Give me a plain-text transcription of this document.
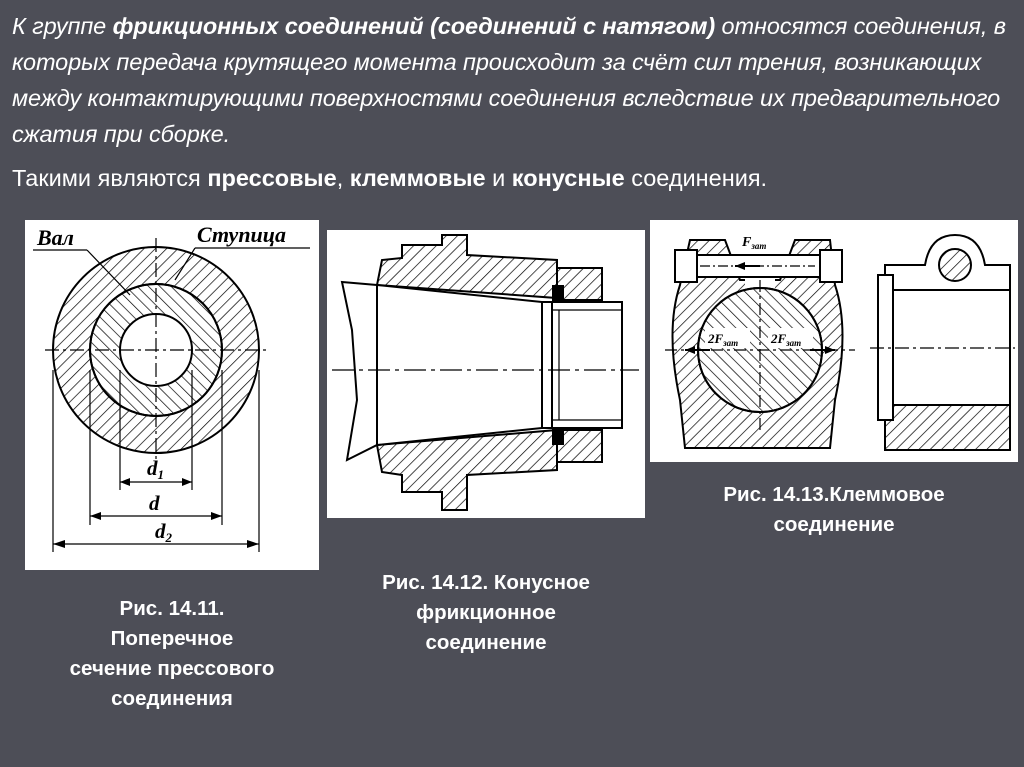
К группе фрикционных соединений (соединений с натягом) относятся соединения, в которых передача крутящего момента происходит за счёт сил трения, возникающих между контактирующими поверхностями соединения вследствие их предварительного сжатия при сборке.
Такими являются прессовые, клеммовые и конусные соединения.
Вал	Ступица
d1
d
d2
$F_{зат}$
$2F_{зат}$	$2F_{зат}$
Рис. 14.11.
Поперечное
сечение прессового
соединения
Рис. 14.12. Конусное
фрикционное
соединение
Рис. 14.13.Клеммовое
соединение
